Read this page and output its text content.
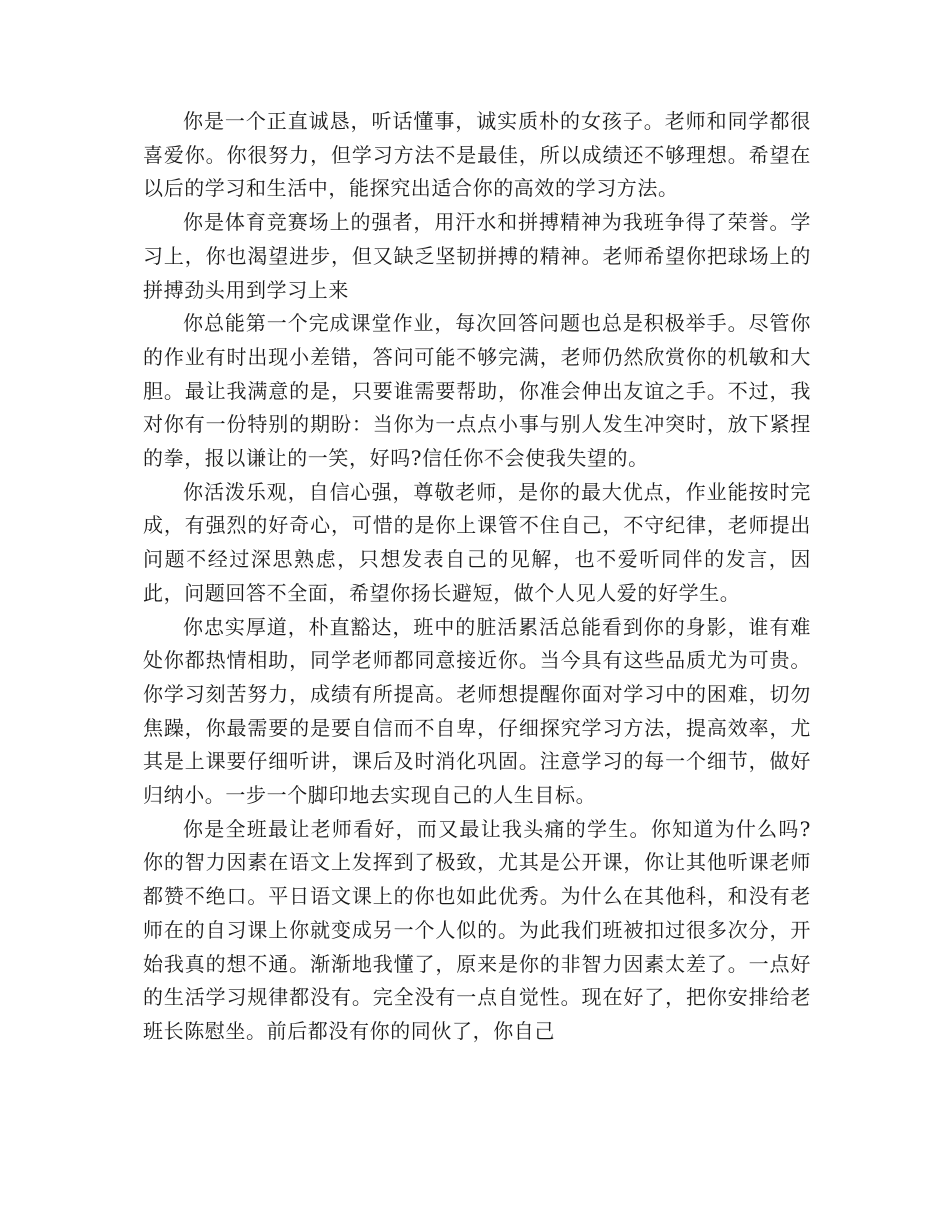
你是一个正直诚恳，听话懂事，诚实质朴的女孩子。老师和同学都很喜爱你。你很努力，但学习方法不是最佳，所以成绩还不够理想。希望在以后的学习和生活中，能探究出适合你的高效的学习方法。

你是体育竞赛场上的强者，用汗水和拼搏精神为我班争得了荣誉。学习上，你也渴望进步，但又缺乏坚韧拼搏的精神。老师希望你把球场上的拼搏劲头用到学习上来

你总能第一个完成课堂作业，每次回答问题也总是积极举手。尽管你的作业有时出现小差错，答问可能不够完满，老师仍然欣赏你的机敏和大胆。最让我满意的是，只要谁需要帮助，你准会伸出友谊之手。不过，我对你有一份特别的期盼：当你为一点点小事与别人发生冲突时，放下紧捏的拳，报以谦让的一笑，好吗?信任你不会使我失望的。

你活泼乐观，自信心强，尊敬老师，是你的最大优点，作业能按时完成，有强烈的好奇心，可惜的是你上课管不住自己，不守纪律，老师提出问题不经过深思熟虑，只想发表自己的见解，也不爱听同伴的发言，因此，问题回答不全面，希望你扬长避短，做个人见人爱的好学生。

你忠实厚道，朴直豁达，班中的脏活累活总能看到你的身影，谁有难处你都热情相助，同学老师都同意接近你。当今具有这些品质尤为可贵。你学习刻苦努力，成绩有所提高。老师想提醒你面对学习中的困难，切勿焦躁，你最需要的是要自信而不自卑，仔细探究学习方法，提高效率，尤其是上课要仔细听讲，课后及时消化巩固。注意学习的每一个细节，做好归纳小。一步一个脚印地去实现自己的人生目标。

你是全班最让老师看好，而又最让我头痛的学生。你知道为什么吗?你的智力因素在语文上发挥到了极致，尤其是公开课，你让其他听课老师都赞不绝口。平日语文课上的你也如此优秀。为什么在其他科，和没有老师在的自习课上你就变成另一个人似的。为此我们班被扣过很多次分，开始我真的想不通。渐渐地我懂了，原来是你的非智力因素太差了。一点好的生活学习规律都没有。完全没有一点自觉性。现在好了，把你安排给老班长陈慰坐。前后都没有你的同伙了，你自己
